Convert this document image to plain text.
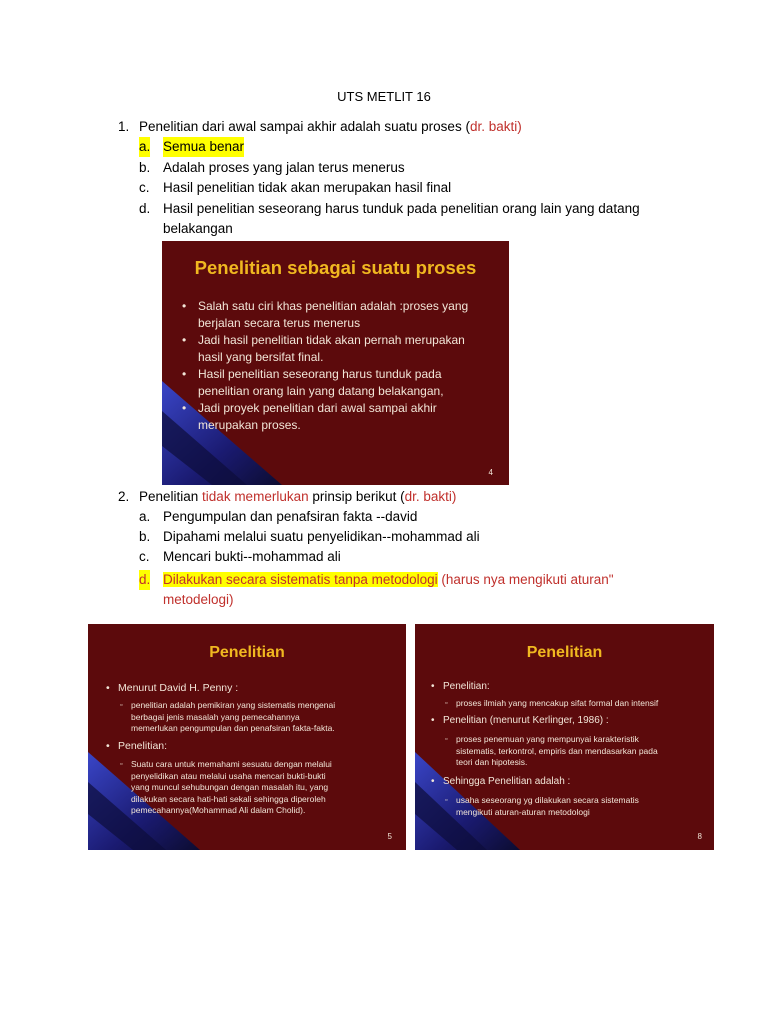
UTS METLIT 16
1. Penelitian dari awal sampai akhir adalah suatu proses (dr. bakti)
a. Semua benar
b. Adalah proses yang jalan terus menerus
c. Hasil penelitian tidak akan merupakan hasil final
d. Hasil penelitian seseorang harus tunduk pada penelitian orang lain yang datang
belakangan
Penelitian sebagai suatu proses
• Salah satu ciri khas penelitian adalah :proses yang
berjalan secara terus menerus
• Jadi hasil penelitian tidak akan pernah merupakan
hasil yang bersifat final.
• Hasil penelitian seseorang harus tunduk pada
penelitian orang lain yang datang belakangan,
• Jadi proyek penelitian dari awal sampai akhir
merupakan proses.
4
2. Penelitian tidak memerlukan prinsip berikut (dr. bakti)
a. Pengumpulan dan penafsiran fakta --david
b. Dipahami melalui suatu penyelidikan--mohammad ali
c. Mencari bukti--mohammad ali
d. Dilakukan secara sistematis tanpa metodologi (harus nya mengikuti aturan"
metodelogi)
Penelitian
• Menurut David H. Penny :
▫ penelitian adalah pemikiran yang sistematis mengenai
berbagai jenis masalah yang pemecahannya
memerlukan pengumpulan dan penafsiran fakta-fakta.
• Penelitian:
▫ Suatu cara untuk memahami sesuatu dengan melalui
penyelidikan atau melalui usaha mencari bukti-bukti
yang muncul sehubungan dengan masalah itu, yang
dilakukan secara hati-hati sekali sehingga diperoleh
pemecahannya(Mohammad Ali dalam Cholid).
5
Penelitian
• Penelitian:
▫ proses ilmiah yang mencakup sifat formal dan intensif
• Penelitian (menurut Kerlinger, 1986) :
▫ proses penemuan yang mempunyai karakteristik
sistematis, terkontrol, empiris dan mendasarkan pada
teori dan hipotesis.
• Sehingga Penelitian adalah :
▫ usaha seseorang yg dilakukan secara sistematis
mengikuti aturan-aturan metodologi
8
